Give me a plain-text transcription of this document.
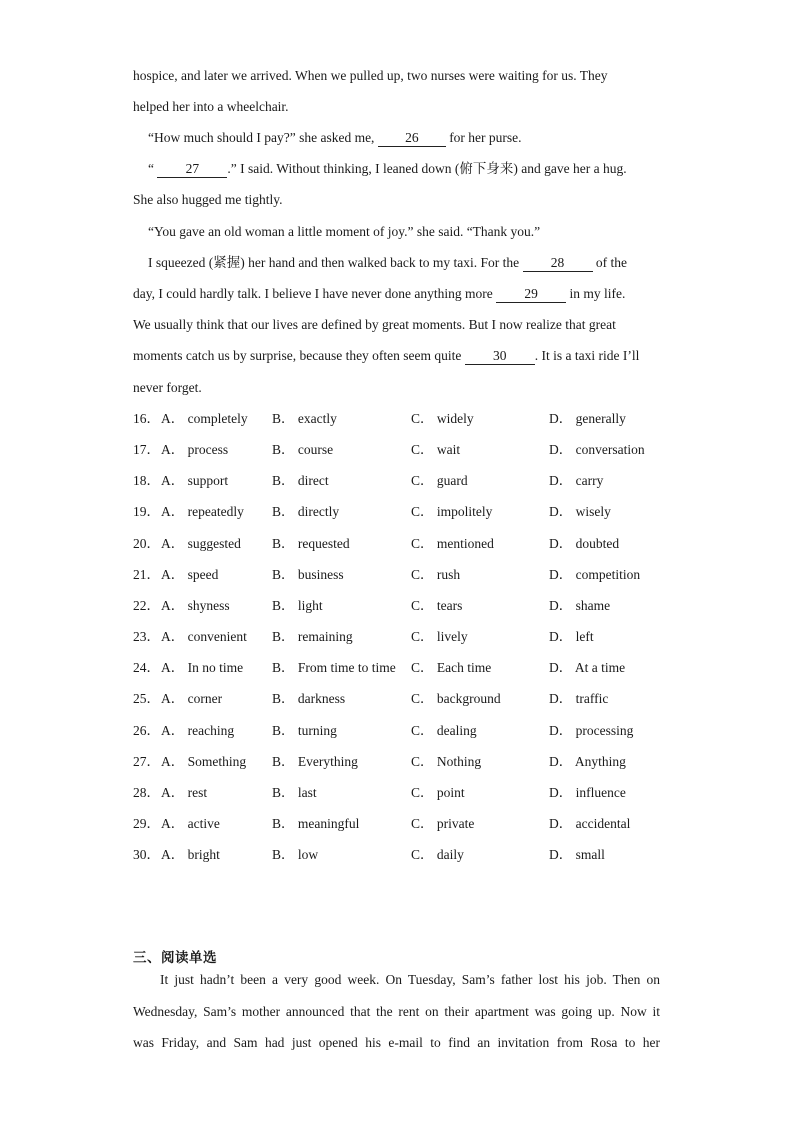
hospice, and later we arrived. When we pulled up, two nurses were waiting for us. They
helped her into a wheelchair.
“How much should I pay?” she asked me, 26 for her purse.
“ 27 .” I said. Without thinking, I leaned down (俯下身来) and gave her a hug.
She also hugged me tightly.
“You gave an old woman a little moment of joy.” she said. “Thank you.”
I squeezed (紧握) her hand and then walked back to my taxi. For the 28 of the
day, I could hardly talk. I believe I have never done anything more 29 in my life.
We usually think that our lives are defined by great moments. But I now realize that great
moments catch us by surprise, because they often seem quite 30 . It is a taxi ride I’ll
never forget.
16． A． completely B． exactly	C． widely	D． generally
17． A． process	B． course	C． wait	D． conversation
18． A． support	B． direct	C． guard	D． carry
19． A． repeatedly B． directly	C． impolitely	D． wisely
20． A． suggested B． requested	C． mentioned	D． doubted
21． A． speed	B． business	C． rush	D． competition
22． A． shyness	B． light	C． tears	D． shame
23． A． convenient B． remaining	C． lively	D． left
24． A． In no time B． From time to time C． Each time	D． At a time
25． A． corner	B． darkness	C． background	D． traffic
26． A． reaching	B． turning	C． dealing	D． processing
27． A． Something B． Everything	C． Nothing	D． Anything
28． A． rest	B． last	C． point	D． influence
29． A． active	B． meaningful	C． private	D． accidental
30． A． bright	B． low	C． daily	D． small
三、阅读单选
It just hadn’t been a very good week. On Tuesday, Sam’s father lost his job. Then on
Wednesday, Sam’s mother announced that the rent on their apartment was going up. Now it
was Friday, and Sam had just opened his e-mail to find an invitation from Rosa to her
